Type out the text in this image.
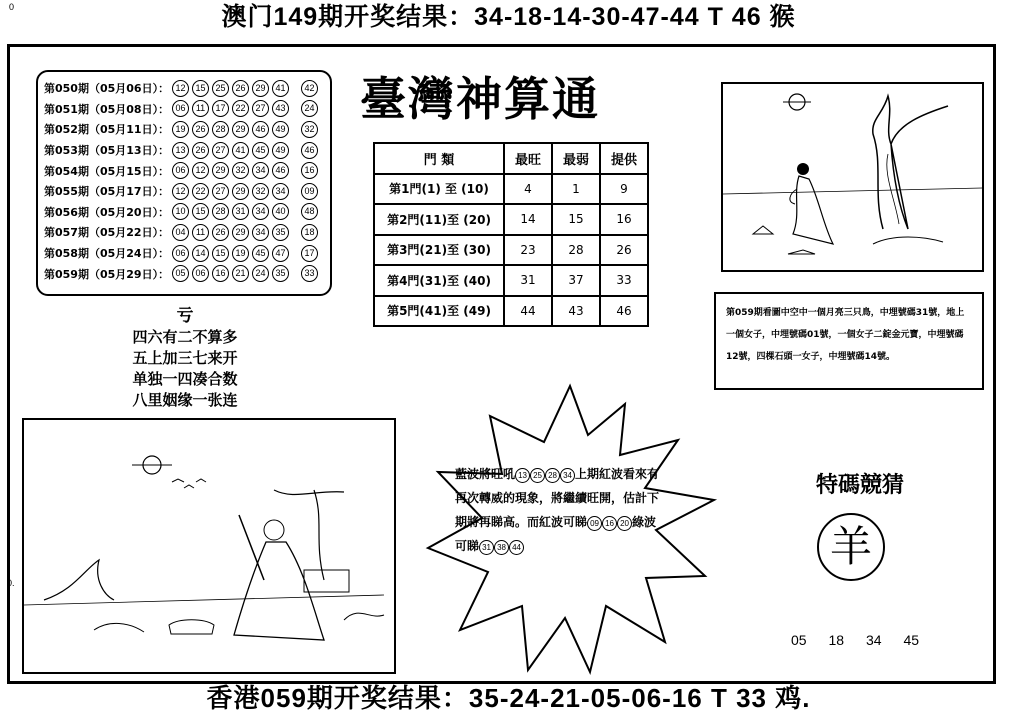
0	澳门149期开奖结果：34-18-14-30-47-44 T 46 猴
第050期（05月06日）： 12	15	25	26	29	41	42
第051期（05月08日）： 06	11	17	22	27	43	24
第052期（05月11日）： 19	26	28	29	46	49	32
第053期（05月13日）： 13	26	27	41	45	49	46
第054期（05月15日）： 06	12	29	32	34	46	16
第055期（05月17日）： 12	22	27	29	32	34	09
第056期（05月20日）： 10	15	28	31	34	40	48
第057期（05月22日）： 04	11	26	29	34	35	18
第058期（05月24日）： 06	14	15	19	45	47	17
第059期（05月29日）： 05	06	16	21	24	35	33
亏
四六有二不算多
五上加三七来开
单独一四凑合数
八里姻缘一张连
臺灣神算通
門 類	最旺	最弱	提供
第1門(1) 至 (10)	4	1	9
第2門(11)至 (20)	14	15	16
第3門(21)至 (30)	23	28	26
第4門(31)至 (40)	31	37	33
第5門(41)至 (49)	44	43	46	第059期看圖中空中一個月亮三只鳥，中埋號碼31號，地上一個女子，中埋號碼01號，一個女子二錠金元寶，中埋號碼12號，四棵石頭一女子，中埋號碼14號。
藍波將旺吼 13 25 28 34 上期紅波看來有再次轉威的現象，將繼續旺開，估計下期將再睇高。而紅波可睇 09 16 20 綠波可睇 31 38 44
特碼競猜
羊
05 18 34 45
0.
香港059期开奖结果：35-24-21-05-06-16 T 33 鸡.
